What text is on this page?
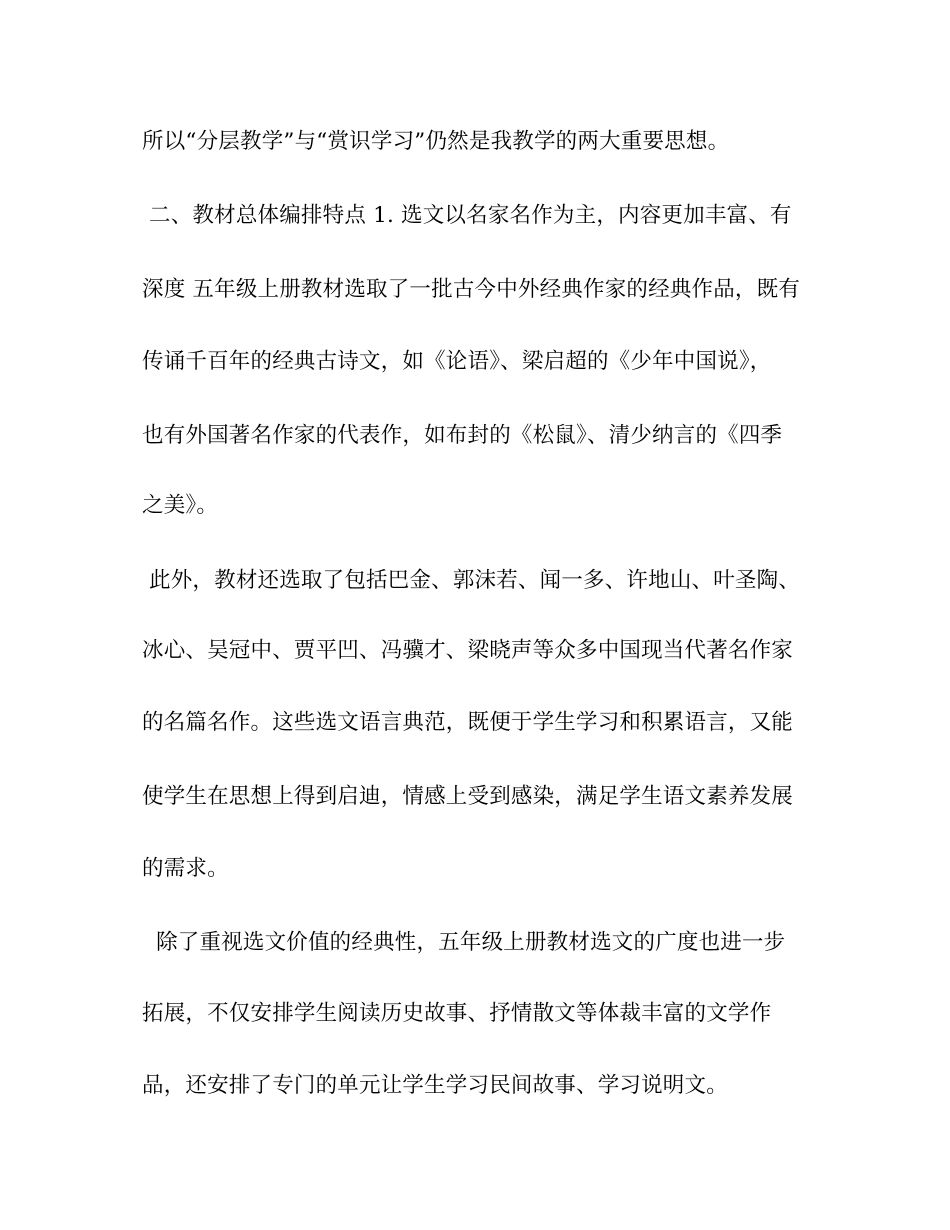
所以“分层教学”与“赏识学习”仍然是我教学的两大重要思想。
二、教材总体编排特点 1. 选文以名家名作为主，内容更加丰富、有
深度 五年级上册教材选取了一批古今中外经典作家的经典作品，既有
传诵千百年的经典古诗文，如《论语》、梁启超的《少年中国说》，
也有外国著名作家的代表作，如布封的《松鼠》、清少纳言的《四季
之美》。
此外，教材还选取了包括巴金、郭沫若、闻一多、许地山、叶圣陶、
冰心、吴冠中、贾平凹、冯骥才、梁晓声等众多中国现当代著名作家
的名篇名作。这些选文语言典范，既便于学生学习和积累语言，又能
使学生在思想上得到启迪，情感上受到感染，满足学生语文素养发展
的需求。
除了重视选文价值的经典性，五年级上册教材选文的广度也进一步
拓展，不仅安排学生阅读历史故事、抒情散文等体裁丰富的文学作
品，还安排了专门的单元让学生学习民间故事、学习说明文。
